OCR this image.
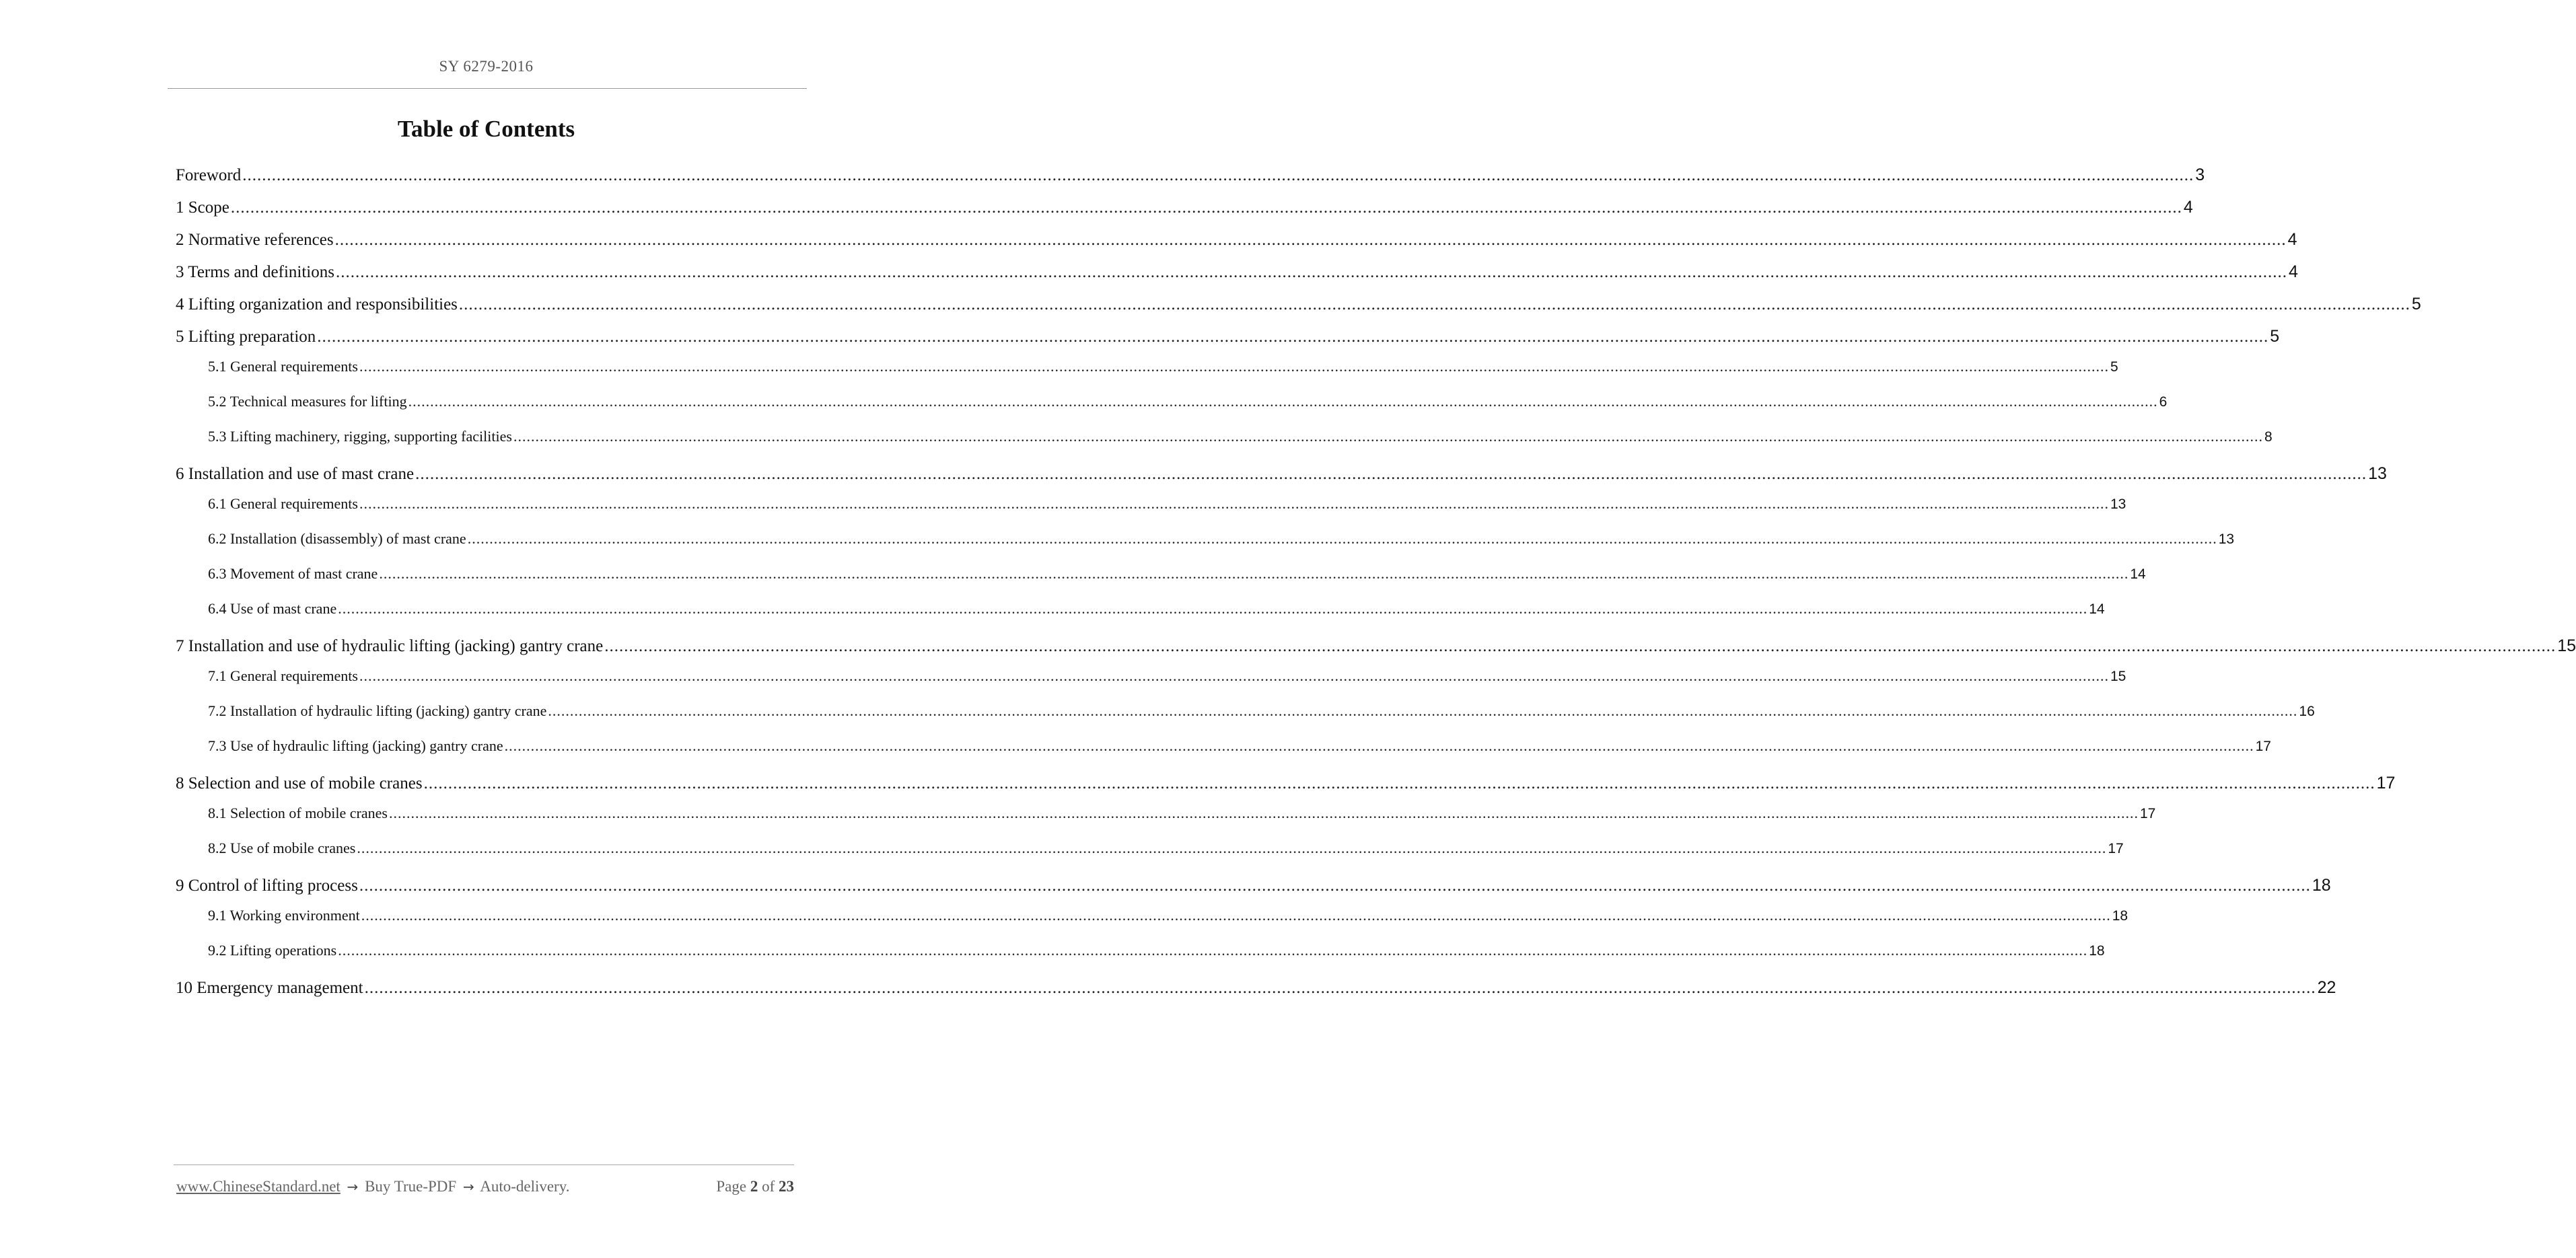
SY 6279-2016
Table of Contents
Foreword ................................................................................................................................................................................................................................................................................................................................................................................................................ 3
1 Scope ................................................................................................................................................................................................................................................................................................................................................................................................................ 4
2 Normative references ................................................................................................................................................................................................................................................................................................................................................................................................................ 4
3 Terms and definitions ................................................................................................................................................................................................................................................................................................................................................................................................................ 4
4 Lifting organization and responsibilities ................................................................................................................................................................................................................................................................................................................................................................................................................ 5
5 Lifting preparation ................................................................................................................................................................................................................................................................................................................................................................................................................ 5
5.1 General requirements ................................................................................................................................................................................................................................................................................................................................................................................................................ 5
5.2 Technical measures for lifting ................................................................................................................................................................................................................................................................................................................................................................................................................ 6
5.3 Lifting machinery, rigging, supporting facilities ................................................................................................................................................................................................................................................................................................................................................................................................................ 8
6 Installation and use of mast crane ................................................................................................................................................................................................................................................................................................................................................................................................................ 13
6.1 General requirements ................................................................................................................................................................................................................................................................................................................................................................................................................ 13
6.2 Installation (disassembly) of mast crane ................................................................................................................................................................................................................................................................................................................................................................................................................ 13
6.3 Movement of mast crane ................................................................................................................................................................................................................................................................................................................................................................................................................ 14
6.4 Use of mast crane ................................................................................................................................................................................................................................................................................................................................................................................................................ 14
7 Installation and use of hydraulic lifting (jacking) gantry crane ................................................................................................................................................................................................................................................................................................................................................................................................................ 15
7.1 General requirements ................................................................................................................................................................................................................................................................................................................................................................................................................ 15
7.2 Installation of hydraulic lifting (jacking) gantry crane ................................................................................................................................................................................................................................................................................................................................................................................................................ 16
7.3 Use of hydraulic lifting (jacking) gantry crane ................................................................................................................................................................................................................................................................................................................................................................................................................ 17
8 Selection and use of mobile cranes ................................................................................................................................................................................................................................................................................................................................................................................................................ 17
8.1 Selection of mobile cranes ................................................................................................................................................................................................................................................................................................................................................................................................................ 17
8.2 Use of mobile cranes ................................................................................................................................................................................................................................................................................................................................................................................................................ 17
9 Control of lifting process ................................................................................................................................................................................................................................................................................................................................................................................................................ 18
9.1 Working environment ................................................................................................................................................................................................................................................................................................................................................................................................................ 18
9.2 Lifting operations ................................................................................................................................................................................................................................................................................................................................................................................................................ 18
10 Emergency management ................................................................................................................................................................................................................................................................................................................................................................................................................ 22
www.ChineseStandard.net → Buy True-PDF → Auto-delivery.	Page 2 of 23
